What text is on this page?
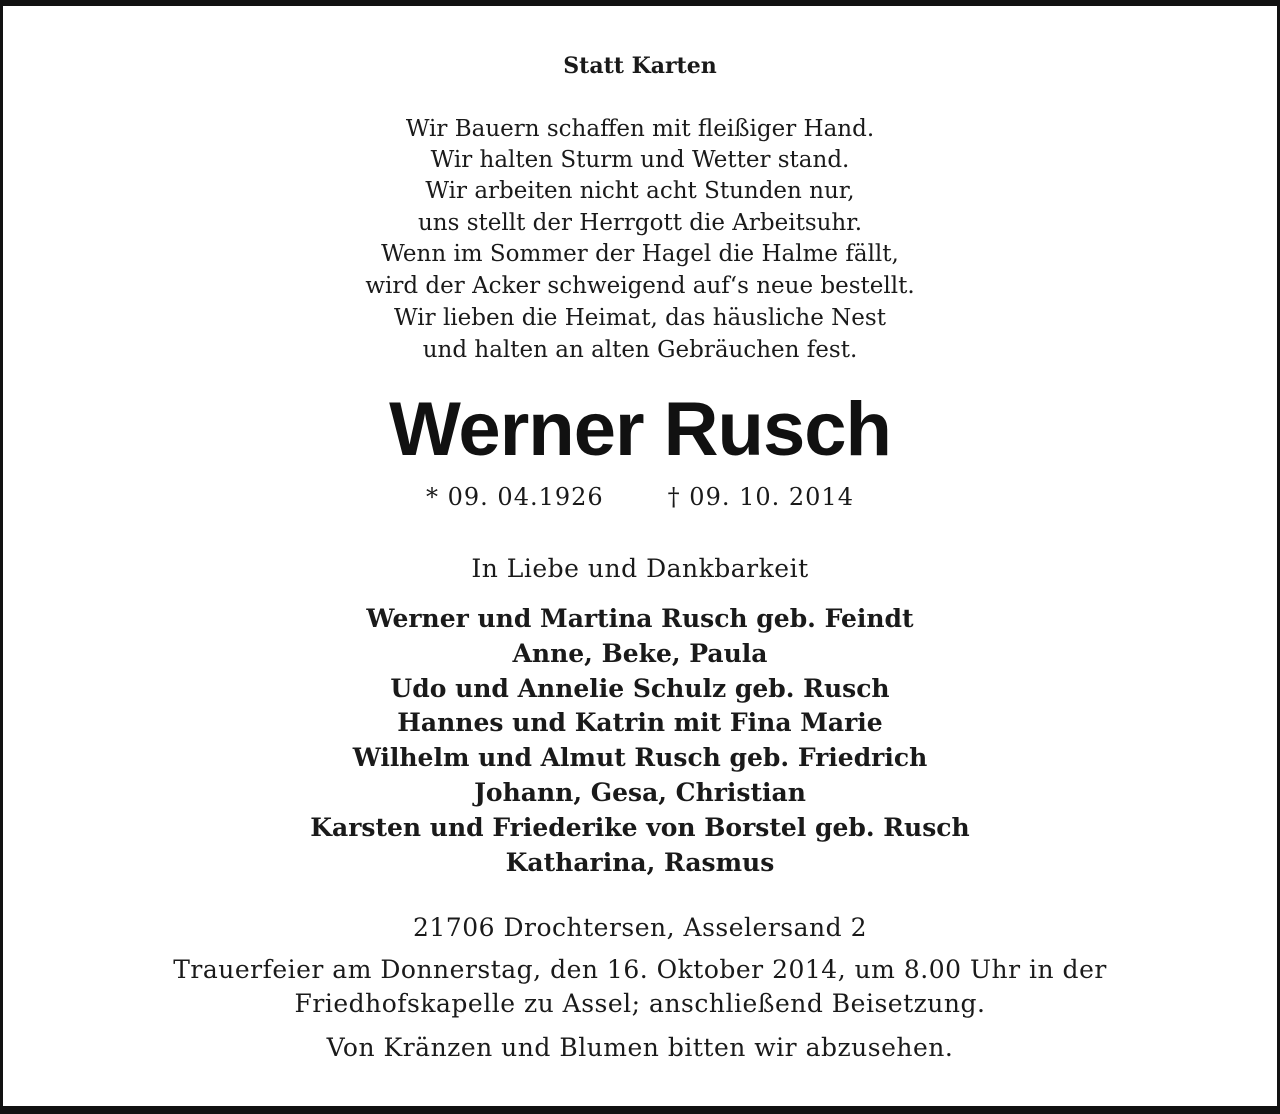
Statt Karten
Wir Bauern schaffen mit fleißiger Hand.
Wir halten Sturm und Wetter stand.
Wir arbeiten nicht acht Stunden nur,
uns stellt der Herrgott die Arbeitsuhr.
Wenn im Sommer der Hagel die Halme fällt,
wird der Acker schweigend auf‘s neue bestellt.
Wir lieben die Heimat, das häusliche Nest
und halten an alten Gebräuchen fest.
Werner Rusch
* 09. 04.1926	† 09. 10. 2014
In Liebe und Dankbarkeit
Werner und Martina Rusch geb. Feindt
Anne, Beke, Paula
Udo und Annelie Schulz geb. Rusch
Hannes und Katrin mit Fina Marie
Wilhelm und Almut Rusch geb. Friedrich
Johann, Gesa, Christian
Karsten und Friederike von Borstel geb. Rusch
Katharina, Rasmus
21706 Drochtersen, Asselersand 2
Trauerfeier am Donnerstag, den 16. Oktober 2014, um 8.00 Uhr in der
Friedhofskapelle zu Assel; anschließend Beisetzung.
Von Kränzen und Blumen bitten wir abzusehen.
